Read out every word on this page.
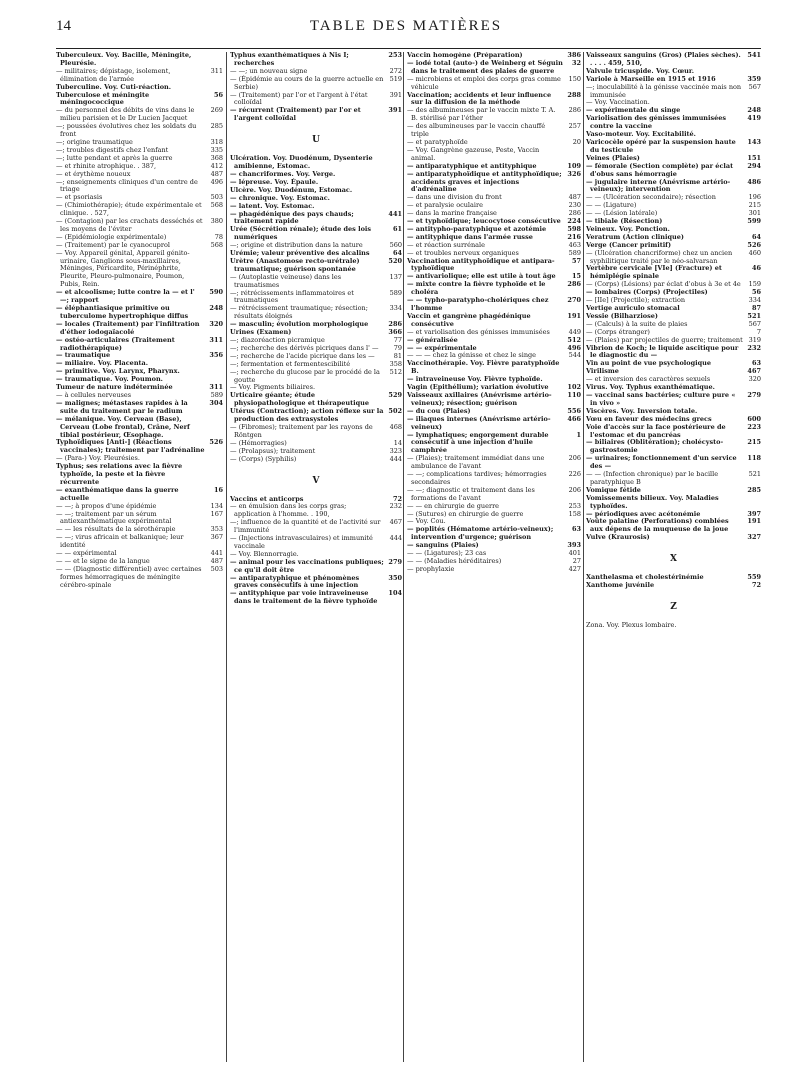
14	TABLE DES MATIÈRES
Tuberculeux. Voy. Bacille, Méningite, Pleurésie.
— militaires; dépistage, isolement, élimination de l'armée
311
Tuberculine. Voy. Cuti-réaction.
Tuberculose et méningite méningococcique
56
— du personnel des débits de vins dans le milieu parisien et le Dr Lucien Jacquet
269
—; poussées évolutives chez les soldats du front
285
—; origine traumatique	318
—; troubles digestifs chez l'enfant	335
—; lutte pendant et après la guerre	368
— et rhinite atrophique. . 387,	412
— et érythème noueux	487
—; enseignements cliniques d'un centre de triage
496
— et psoriasis	503
— (Chimiothérapie); étude expérimentale et clinique. . 527,
568
— (Contagion) par les crachats desséchés et les moyens de l'éviter
380
— (Epidémiologie expérimentale)	78
— (Traitement) par le cyanocuprol	568
— Voy. Appareil génital, Appareil génito-urinaire, Ganglions sous-maxillaires, Méninges, Péricardite, Périnéphrite, Pleurite, Pleuro-pulmonaire, Poumon, Pubis, Rein.
— et alcoolisme; lutte contre la — et l' —; rapport
590
— éléphantiasique primitive ou tuberculome hypertrophique diffus
248
— locales (Traitement) par l'infiltration d'éther iodogaïacolé
320
— ostéo-articulaires (Traitement radiothérapique)
311
— traumatique	356
— miliaire. Voy. Placenta.
— primitive. Voy. Larynx, Pharynx.
— traumatique. Voy. Poumon.
Tumeur de nature indéterminée	311
— à cellules nerveuses	589
— malignes; métastases rapides à la suite du traitement par le radium
304
— mélanique. Voy. Cerveau (Base), Cerveau (Lobe frontal), Crâne, Nerf tibial postérieur, Œsophage.
Typhoïdiques [Anti-] (Réactions vaccinales); traitement par l'adrénaline
526
— (Para-) Voy. Pleurésies.
Typhus; ses relations avec la fièvre typhoïde, la peste et la fièvre récurrente
— exanthématique dans la guerre actuelle
16
— —; à propos d'une épidémie	134
— —; traitement par un sérum antiexanthématique expérimental
167
— — les résultats de la sérothérapie	353
— —; virus africain et balkanique; leur identité
367
— — expérimental	441
— — et le signe de la langue	487
— — (Diagnostic différentiel) avec certaines formes hémorragiques de méningite cérébro-spinale
503
Typhus exanthématiques à Nis I; recherches
253
— —; un nouveau signe	272
— (Épidémie au cours de la guerre actuelle en Serbie)
519
— (Traitement) par l'or et l'argent à l'état colloïdal
391
— récurrent (Traitement) par l'or et l'argent colloïdal
391
U
Ulcération. Voy. Duodénum, Dysenterie amibienne, Estomac.
— chancriformes. Voy. Verge.
— lépreuse. Voy. Épaule.
Ulcère. Voy. Duodénum, Estomac.
— chronique. Voy. Estomac.
— latent. Voy. Estomac.
— phagédénique des pays chauds; traitement rapide
441
Urée (Sécrétion rénale); étude des lois numériques
61
—; origine et distribution dans la nature	560
Urémie; valeur préventive des alcalins	64
Urètre (Anastomose recto-urétrale) traumatique; guérison spontanée
520
— (Autoplastie veineuse) dans les traumatismes
137
—; rétrécissements inflammatoires et traumatiques
589
— rétrécissement traumatique; résection; résultats éloignés
334
— masculin; évolution morphologique	286
Urines (Examen)	366
—; diazoréaction picramique	77
—; recherche des dérivés picriques dans l' — 79
—; recherche de l'acide picrique dans les —	81
—; fermentation et fermentescibilité	358
—; recherche du glucose par le procédé de la goutte
512
— Voy. Pigments biliaires.
Urticaire géante; étude physiopathologique et thérapeutique
529
Utérus (Contraction); action réflexe sur la production des extrasystoles
502
— (Fibromes); traitement par les rayons de Röntgen
468
— (Hémorragies)	14
— (Prolapsus); traitement	323
— (Corps) (Syphilis)	444
V
Vaccins et anticorps	72
— en émulsion dans les corps gras; application à l'homme. . 190,
232
—; influence de la quantité et de l'activité sur l'immunité
467
— (Injections intravasculaires) et immunité vaccinale
444
— Voy. Blennorragie.
— animal pour les vaccinations publiques; ce qu'il doit être
279
— antiparatyphique et phénomènes graves consécutifs à une injection
350
— antityphique par voie intraveineuse dans le traitement de la fièvre typhoïde
104
Vaccin homogène (Préparation)	386
— iodé total (auto-) de Weinberg et Séguin dans le traitement des plaies de guerre
32
— microbiens et emploi des corps gras comme véhicule
150
Vaccination; accidents et leur influence sur la diffusion de la méthode
288
— des albumineuses par le vaccin mixte T. A. B. stérilisé par l'éther
286
— des albumineuses par le vaccin chauffé triple
257
— et paratyphoïde	20
— Voy. Gangrène gazeuse, Peste, Vaccin animal.
— antiparatyphique et antityphique	109
— antiparatyphoïdique et antityphoïdique; accidents graves et injections d'adrénaline
326
— dans une division du front	487
— et paralysie oculaire	230
— dans la marine française	286
— et typhoïdique; leucocytose consécutive 224
— antitypho-paratyphique et azotémie	598
— antityphique dans l'armée russe	216
— et réaction surrénale	463
— et troubles nerveux organiques	589
Vaccination antityphoïdique et antipara-typhoïdique
57
— antivariolique; elle est utile à tout âge	15
— mixte contre la fièvre typhoïde et le choléra
286
— — typho-paratypho-cholériques chez l'homme
270
Vaccin et gangrène phagédénique consécutive
191
— et variolisation des génisses immunisées	449
— généralisée	512
— — expérimentale	496
— — — chez la génisse et chez le singe	544
Vaccinothérapie. Voy. Fièvre paratyphoïde B.
— intraveineuse Voy. Fièvre typhoïde.
Vagin (Epithélium); variation évolutive	102
Vaisseaux axillaires (Anévrisme artério-veineux); résection; guérison
110
— du cou (Plaies)	556
— iliaques internes (Anévrisme artério-veineux)
466
— lymphatiques; engorgement durable consécutif à une injection d'huile camphrée
1
— (Plaies); traitement immédiat dans une ambulance de l'avant
206
— —; complications tardives; hémorragies secondaires
226
— —; diagnostic et traitement dans les formations de l'avant
206
— — en chirurgie de guerre	253
— (Sutures) en chirurgie de guerre	158
— Voy. Cou.
— poplités (Hématome artério-veineux); intervention d'urgence; guérison
63
— sanguins (Plaies)	393
— — (Ligatures); 23 cas	401
— — (Maladies héréditaires)	27
— prophylaxie	427
Vaisseaux sanguins (Gros) (Plaies sèches). . . . . 459, 510,
541
Valvule tricuspide. Voy. Cœur.
Variole à Marseille en 1915 et 1916	359
—; inoculabilité à la génisse vaccinée mais non immunisée
567
— Voy. Vaccination.
— expérimentale du singe	248
Variolisation des génisses immunisées contre la vaccine
419
Vaso-moteur. Voy. Excitabilité.
Varicocèle opéré par la suspension haute du testicule
143
Veines (Plaies)	151
— fémorale (Section complète) par éclat d'obus sans hémorragie
294
— jugulaire interne (Anévrisme artério-veineux); intervention
486
— — (Ulcération secondaire); résection	196
— — (Ligature)	215
— — (Lésion latérale)	301
— tibiale (Résection)	599
Veineux. Voy. Ponction.
Veratrum (Action clinique)	64
Verge (Cancer primitif)	526
— (Ulcération chancriforme) chez un ancien syphilitique traité par le néo-salvarsan
460
Vertèbre cervicale [VIe] (Fracture) et hémiplégie spinale
46
— (Corps) (Lésions) par éclat d'obus à 3e et 4e 159
— lombaires (Corps) (Projectiles)	56
— [IIe] (Projectile); extraction	334
Vertige auriculo stomacal	87
Vessie (Bilharziose)	521
— (Calculs) à la suite de plaies	567
— (Corps étranger)	7
— (Plaies) par projectiles de guerre; traitement 319
Vibrion de Koch; le liquide ascitique pour le diagnostic du —
232
Vin au point de vue psychologique	63
Virilisme	467
— et inversion des caractères sexuels	320
Virus. Voy. Typhus exanthématique.
— vaccinal sans bactéries; culture pure « in vivo »
279
Viscères. Voy. Inversion totale.
Vœu en faveur des médecins grecs	600
Voie d'accès sur la face postérieure de l'estomac et du pancréas
223
— biliaires (Oblitération); cholécysto-gastrostomie
215
— urinaires; fonctionnement d'un service des —
118
— — (Infection chronique) par le bacille paratyphique B
521
Vomique fétide	285
Vomissements bilieux. Voy. Maladies typhoïdes.
— périodiques avec acétonémie	397
Voûte palatine (Perforations) comblées aux dépens de la muqueuse de la joue
191
Vulve (Kraurosis)	327
X
Xanthelasma et cholestérinémie	559
Xanthome juvénile	72
Z
Zona. Voy. Plexus lombaire.
